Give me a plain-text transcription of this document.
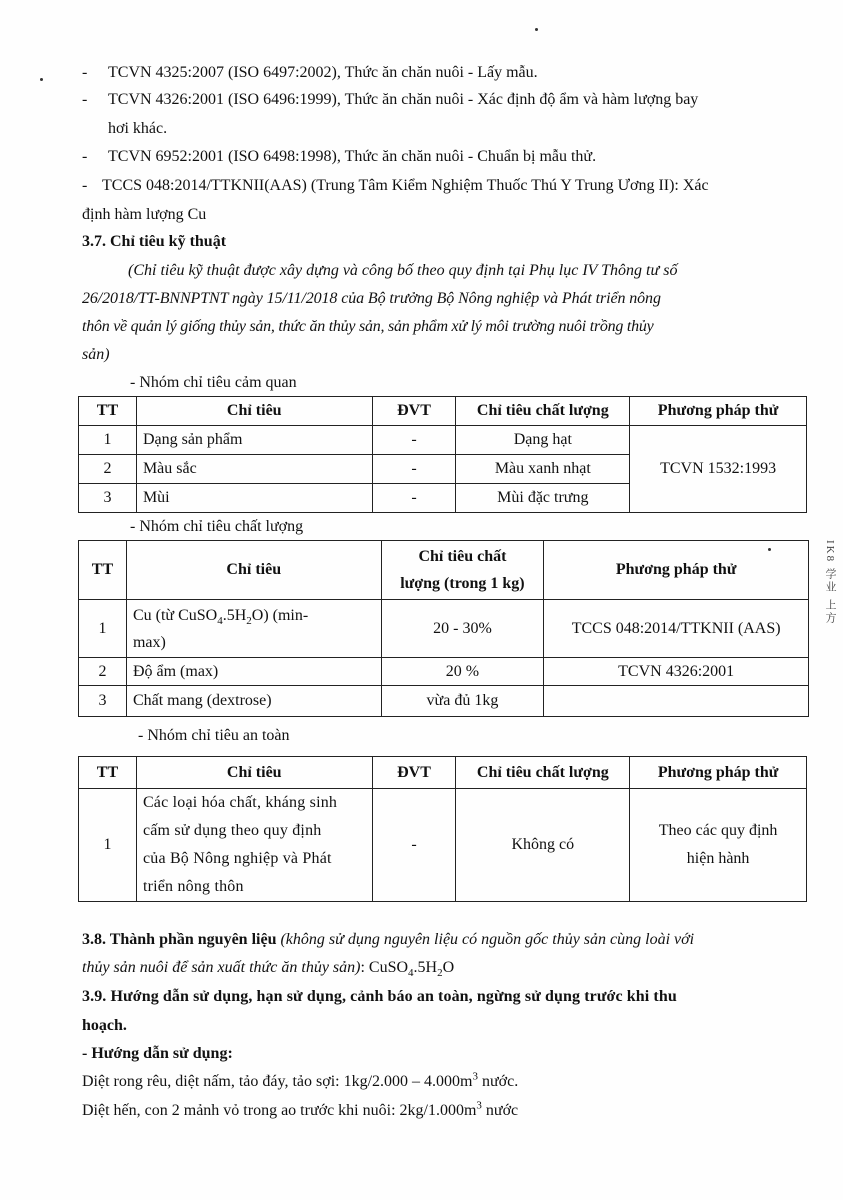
- TCVN 4325:2007 (ISO 6497:2002), Thức ăn chăn nuôi - Lấy mẫu.
- TCVN 4326:2001 (ISO 6496:1999), Thức ăn chăn nuôi - Xác định độ ẩm và hàm lượng bay
hơi khác.
- TCVN 6952:2001 (ISO 6498:1998), Thức ăn chăn nuôi - Chuẩn bị mẫu thử.
- TCCS 048:2014/TTKNII(AAS) (Trung Tâm Kiểm Nghiệm Thuốc Thú Y Trung Ương II): Xác
định hàm lượng Cu
3.7. Chỉ tiêu kỹ thuật
(Chỉ tiêu kỹ thuật được xây dựng và công bố theo quy định tại Phụ lục IV Thông tư số
26/2018/TT-BNNPTNT ngày 15/11/2018 của Bộ trưởng Bộ Nông nghiệp và Phát triển nông
thôn về quản lý giống thủy sản, thức ăn thủy sản, sản phẩm xử lý môi trường nuôi trồng thủy
sản)
- Nhóm chỉ tiêu cảm quan
TT	Chỉ tiêu	ĐVT	Chỉ tiêu chất lượng	Phương pháp thử
1	Dạng sản phẩm	-	Dạng hạt	TCVN 1532:1993
2	Màu sắc	-	Màu xanh nhạt	
3	Mùi	-	Mùi đặc trưng	
- Nhóm chỉ tiêu chất lượng
TT	Chỉ tiêu	Chỉ tiêu chất
lượng (trong 1 kg)	Phương pháp thử
1	Cu (từ $CuSO_4.5H_2O$) (min-
max)	20 - 30%	TCCS 048:2014/TTKNII (AAS)
2	Độ ẩm (max)	20 %	TCVN 4326:2001
3	Chất mang (dextrose)	vừa đủ 1kg	
- Nhóm chỉ tiêu an toàn
TT	Chỉ tiêu	ĐVT	Chỉ tiêu chất lượng	Phương pháp thử
1	Các loại hóa chất, kháng sinh
cấm sử dụng theo quy định
của Bộ Nông nghiệp và Phát
triển nông thôn	-	Không có	Theo các quy định
hiện hành
3.8. Thành phần nguyên liệu (không sử dụng nguyên liệu có nguồn gốc thủy sản cùng loài với
thủy sản nuôi để sản xuất thức ăn thủy sản): $CuSO_4.5H_2O$
3.9. Hướng dẫn sử dụng, hạn sử dụng, cảnh báo an toàn, ngừng sử dụng trước khi thu
hoạch.
- Hướng dẫn sử dụng:
Diệt rong rêu, diệt nấm, tảo đáy, tảo sợi: $1kg/2.000 - 4.000m^3$ nước.
Diệt hến, con 2 mảnh vỏ trong ao trước khi nuôi: $2kg/1.000m^3$ nước
IK8 学业 上方
